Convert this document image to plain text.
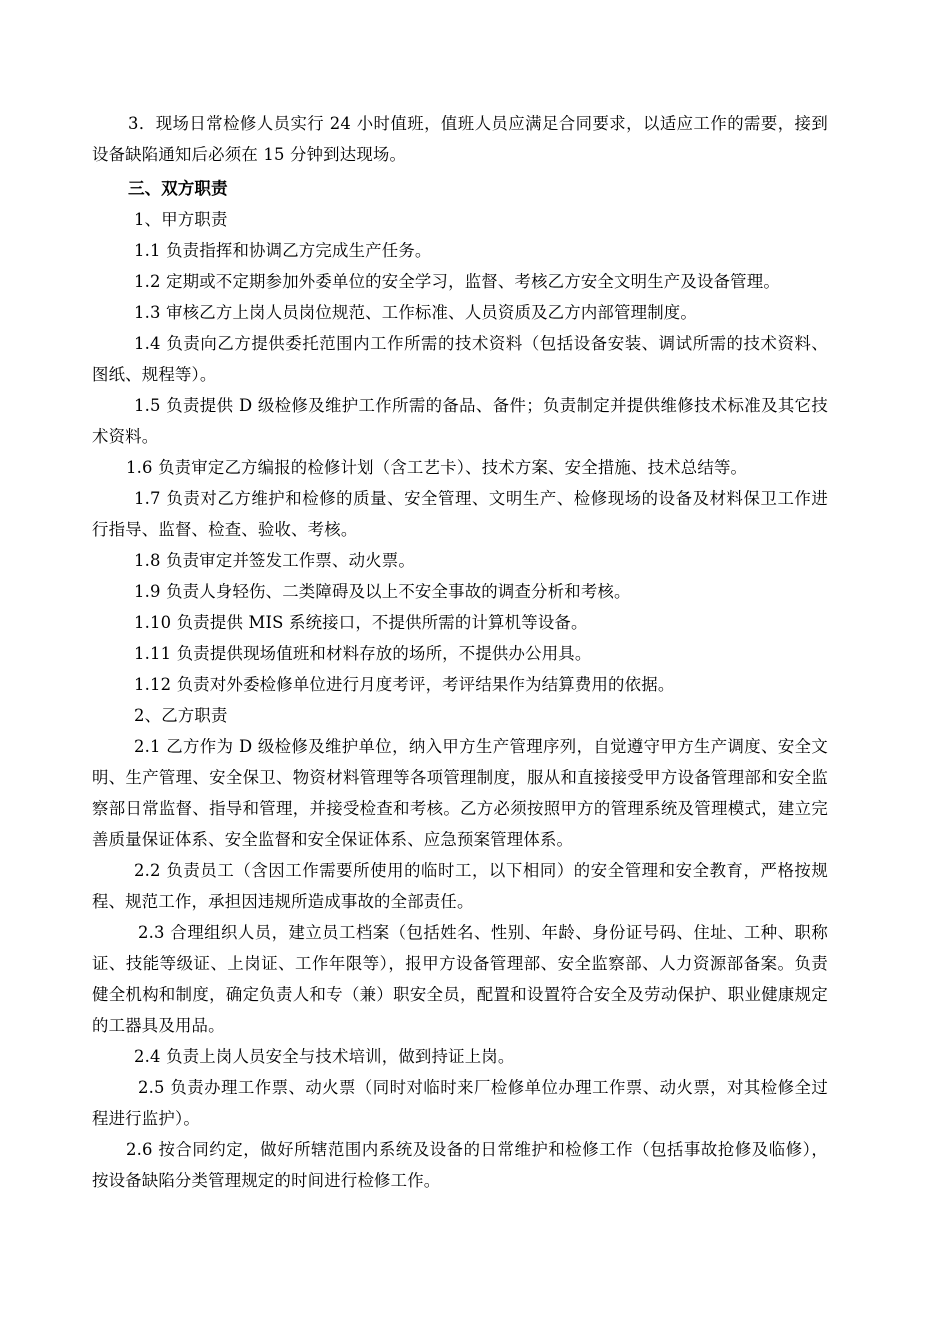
3．现场日常检修人员实行 24 小时值班，值班人员应满足合同要求，以适应工作的需要，接到设备缺陷通知后必须在 15 分钟到达现场。

三、双方职责

1、甲方职责

1.1 负责指挥和协调乙方完成生产任务。

1.2 定期或不定期参加外委单位的安全学习，监督、考核乙方安全文明生产及设备管理。

1.3 审核乙方上岗人员岗位规范、工作标准、人员资质及乙方内部管理制度。

1.4 负责向乙方提供委托范围内工作所需的技术资料（包括设备安装、调试所需的技术资料、图纸、规程等）。

1.5 负责提供 D 级检修及维护工作所需的备品、备件；负责制定并提供维修技术标准及其它技术资料。

1.6 负责审定乙方编报的检修计划（含工艺卡）、技术方案、安全措施、技术总结等。

1.7 负责对乙方维护和检修的质量、安全管理、文明生产、检修现场的设备及材料保卫工作进行指导、监督、检查、验收、考核。

1.8 负责审定并签发工作票、动火票。

1.9 负责人身轻伤、二类障碍及以上不安全事故的调查分析和考核。

1.10 负责提供 MIS 系统接口，不提供所需的计算机等设备。

1.11 负责提供现场值班和材料存放的场所，不提供办公用具。

1.12 负责对外委检修单位进行月度考评，考评结果作为结算费用的依据。

2、乙方职责

2.1 乙方作为 D 级检修及维护单位，纳入甲方生产管理序列，自觉遵守甲方生产调度、安全文明、生产管理、安全保卫、物资材料管理等各项管理制度，服从和直接接受甲方设备管理部和安全监察部日常监督、指导和管理，并接受检查和考核。乙方必须按照甲方的管理系统及管理模式，建立完善质量保证体系、安全监督和安全保证体系、应急预案管理体系。

2.2 负责员工（含因工作需要所使用的临时工，以下相同）的安全管理和安全教育，严格按规程、规范工作，承担因违规所造成事故的全部责任。

2.3 合理组织人员，建立员工档案（包括姓名、性别、年龄、身份证号码、住址、工种、职称证、技能等级证、上岗证、工作年限等），报甲方设备管理部、安全监察部、人力资源部备案。负责健全机构和制度，确定负责人和专（兼）职安全员，配置和设置符合安全及劳动保护、职业健康规定的工器具及用品。

2.4 负责上岗人员安全与技术培训，做到持证上岗。

2.5 负责办理工作票、动火票（同时对临时来厂检修单位办理工作票、动火票，对其检修全过程进行监护）。

2.6 按合同约定，做好所辖范围内系统及设备的日常维护和检修工作（包括事故抢修及临修），按设备缺陷分类管理规定的时间进行检修工作。
